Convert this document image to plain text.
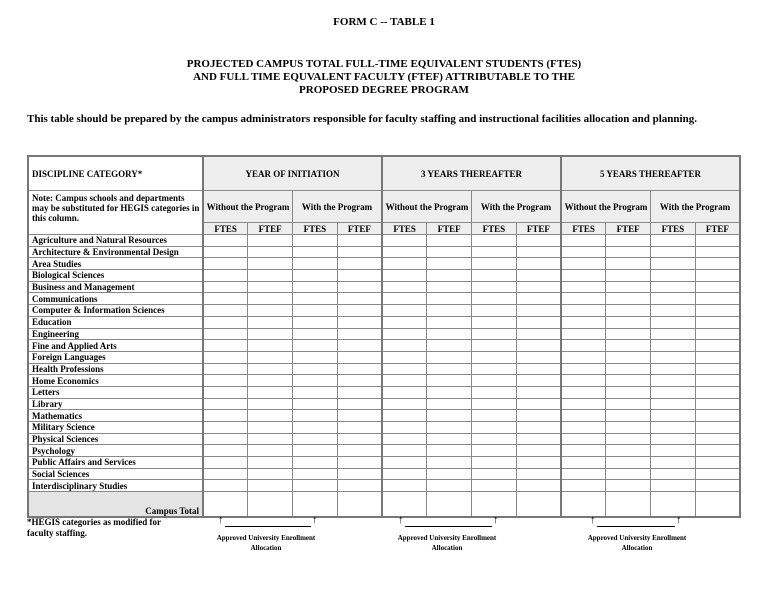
FORM C -- TABLE 1
PROJECTED CAMPUS TOTAL FULL-TIME EQUIVALENT STUDENTS (FTES)
AND FULL TIME EQUVALENT FACULTY (FTEF) ATTRIBUTABLE TO THE
PROPOSED DEGREE PROGRAM
This table should be prepared by the campus administrators responsible for faculty staffing and instructional facilities allocation and planning.
DISCIPLINE CATEGORY*	YEAR OF INITIATION				3 YEARS THEREAFTER				5 YEARS THEREAFTER			
Note: Campus schools and departments may be substituted for HEGIS categories in this column.	Without the Program		With the Program		Without the Program		With the Program		Without the Program		With the Program	
	FTES	FTEF	FTES	FTEF	FTES	FTEF	FTES	FTEF	FTES	FTEF	FTES	FTEF
Agriculture and Natural Resources												
Architecture & Environmental Design												
Area Studies												
Biological Sciences												
Business and Management												
Communications												
Computer & Information Sciences												
Education												
Engineering												
Fine and Applied Arts												
Foreign Languages												
Health Professions												
Home Economics												
Letters												
Library												
Mathematics												
Military Science												
Physical Sciences												
Psychology												
Public Affairs and Services												
Social Sciences												
Interdisciplinary Studies												
Campus Total												
*HEGIS categories as modified for faculty staffing.
↑	↑
Approved University Enrollment Allocation
↑	↑
Approved University Enrollment Allocation
↑	↑
Approved University Enrollment Allocation
